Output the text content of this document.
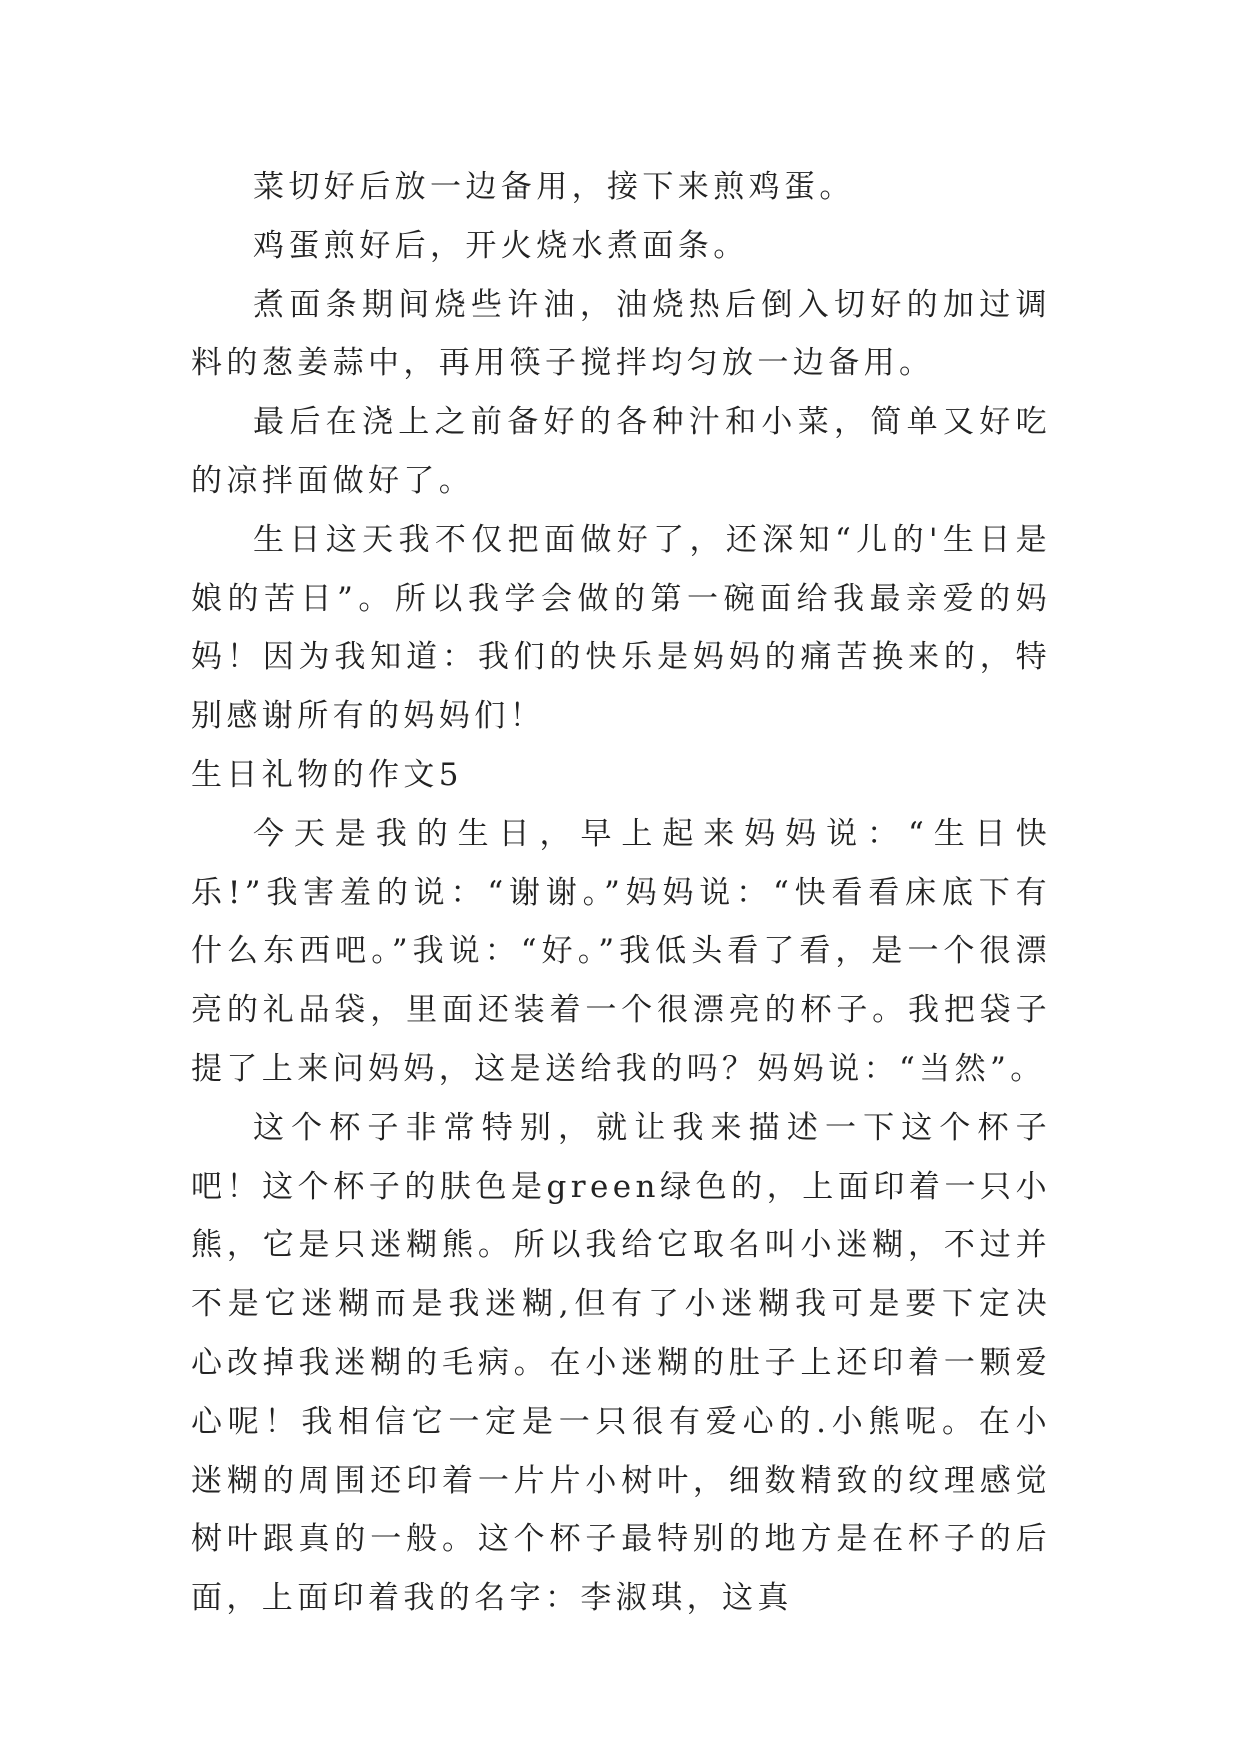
菜切好后放一边备用，接下来煎鸡蛋。

鸡蛋煎好后，开火烧水煮面条。

煮面条期间烧些许油，油烧热后倒入切好的加过调料的葱姜蒜中，再用筷子搅拌均匀放一边备用。

最后在浇上之前备好的各种汁和小菜，简单又好吃的凉拌面做好了。

生日这天我不仅把面做好了，还深知“儿的'生日是娘的苦日”。所以我学会做的第一碗面给我最亲爱的妈妈！因为我知道：我们的快乐是妈妈的痛苦换来的，特别感谢所有的妈妈们！

生日礼物的作文5

今天是我的生日，早上起来妈妈说：“生日快乐!”我害羞的说：“谢谢。”妈妈说：“快看看床底下有什么东西吧。”我说：“好。”我低头看了看，是一个很漂亮的礼品袋，里面还装着一个很漂亮的杯子。我把袋子提了上来问妈妈，这是送给我的吗？妈妈说：“当然”。

这个杯子非常特别，就让我来描述一下这个杯子吧！这个杯子的肤色是green绿色的，上面印着一只小熊，它是只迷糊熊。所以我给它取名叫小迷糊，不过并不是它迷糊而是我迷糊,但有了小迷糊我可是要下定决心改掉我迷糊的毛病。在小迷糊的肚子上还印着一颗爱心呢！我相信它一定是一只很有爱心的.小熊呢。在小迷糊的周围还印着一片片小树叶，细数精致的纹理感觉树叶跟真的一般。这个杯子最特别的地方是在杯子的后面，上面印着我的名字：李淑琪，这真
